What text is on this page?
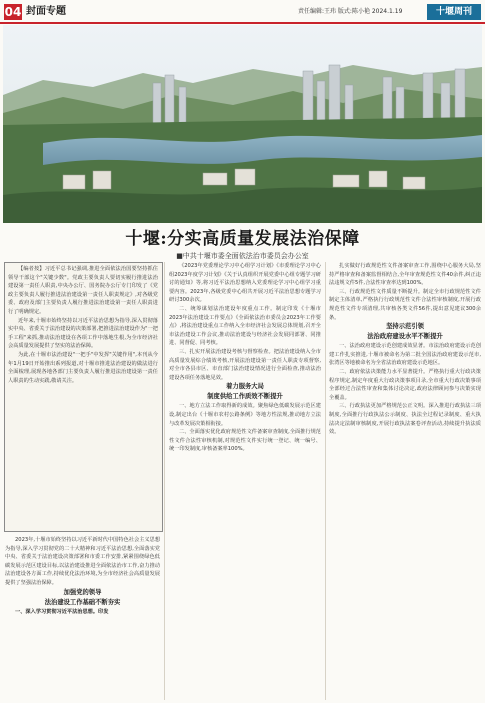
04 封面专题	责任编辑:王玮 版式:陈小艳 2024.1.19	十堰周刊
十堰:分实高质量发展法治保障
■中共十堰市委全面依法治市委员会办公室

【编者按】习近平总书记强调,推进全面依法治国要坚持抓住领导干部这个"关键少数"。党政主要负责人要切实履行推进法治建设第一责任人职责,中央办公厅、国务院办公厅专门印发了《党政主要负责人履行推进法治建设第一责任人职责规定》,对各级党委、政府及部门主要负责人履行推进法治建设第一责任人职责进行了明确规定。

近年来,十堰市始终坚持以习近平法治思想为指导,深入贯彻落实中央、省委关于法治建设的决策部署,把推进法治建设作为"一把手工程"来抓,推动法治建设在各项工作中落地生根,为全市经济社会高质量发展提供了坚实的法治保障。

为此,在十堰市法治建设"一把手"中发挥"关键作用",本刊从今年1月19日开始推出系列报道,对十堰市推进法治建设的做法进行全面梳理,展现各地各部门主要负责人履行推进法治建设第一责任人职责的生动实践,敬请关注。

2023年,十堰市始终坚持以习近平新时代中国特色社会主义思想为指导,深入学习贯彻党的二十大精神和习近平法治思想,全面落实党中央、省委关于法治建设决策部署和市委工作安排,紧紧围绕绿色低碳发展示范区建设目标,以法治建设推进全面依法治市工作,奋力推动法治建设各方面工作,持续优化法治环境,为全市经济社会高质量发展提供了坚强法治保障。

加强党的领导
法治建设工作基础不断夯实

一、深入学习贯彻习近平法治思想。印发

《2023年党委理论学习中心组学习计划》《市委理论学习中心组2023年度学习计划》《关于认真组织开展党委中心组专题学习研讨的通知》等,将习近平法治思想纳入党委理论学习中心组学习重要内容。2023年,各级党委中心组共开展习近平法治思想专题学习研讨300余次。

二、统筹谋划法治建设年度重点工作。制定印发《十堰市2023年法治建设工作要点》《全面依法治市委员会2023年工作要点》,将法治建设重点工作纳入全市经济社会发展总体规划,召开全市法治建设工作会议,推动法治建设与经济社会发展同部署、同推进、同督促、同考核。

三、扎实开展法治建设考核与督察检查。把法治建设纳入全市高质量发展综合绩效考核,开展法治建设第一责任人职责专项督察,对全市各县市区、市直部门法治建设情况进行全面检查,推动法治建设各项任务落地见效。

着力服务大局
制度供给工作质效不断提升

一、地方立法工作取得新的成效。聚焦绿色低碳发展示范区建设,制定出台《十堰市农村公路条例》等地方性法规,推动地方立法与改革发展决策相衔接。

二、全面落实优化政府规范性文件备案审查制度,全面推行规范性文件合法性审核机制,对规范性文件实行统一登记、统一编号、统一印发制度,审核备案率100%。

扎实做好行政规范性文件备案审查工作,围绕中心服务大局,坚持严格审查和备案监督相结合,全年审查规范性文件40余件,纠正违法违规文件5件,合法性审查率达到100%。

三、行政规范性文件质量不断提升。制定全市行政规范性文件制定主体清单,严格执行行政规范性文件合法性审核制度,开展行政规范性文件专项清理,共审核各类文件56件,提出意见建议300余条。

坚持示范引领
法治政府建设水平不断提升

一、法治政府建设示范创建成效显著。市法治政府建设示范创建工作扎实推进,十堰市被命名为第二批全国法治政府建设示范市,张湾区等地被命名为全省法治政府建设示范地区。

二、政府依法决策能力水平显著提升。严格执行重大行政决策程序规定,制定年度重大行政决策事项目录,全市重大行政决策事项全部经过合法性审查和集体讨论决定,政府法律顾问参与决策实现全覆盖。

三、行政执法更加严格规范公正文明。深入推进行政执法三项制度,全面推行行政执法公示制度、执法全过程记录制度、重大执法决定法制审核制度,开展行政执法案卷评查活动,持续提升执法质效。
